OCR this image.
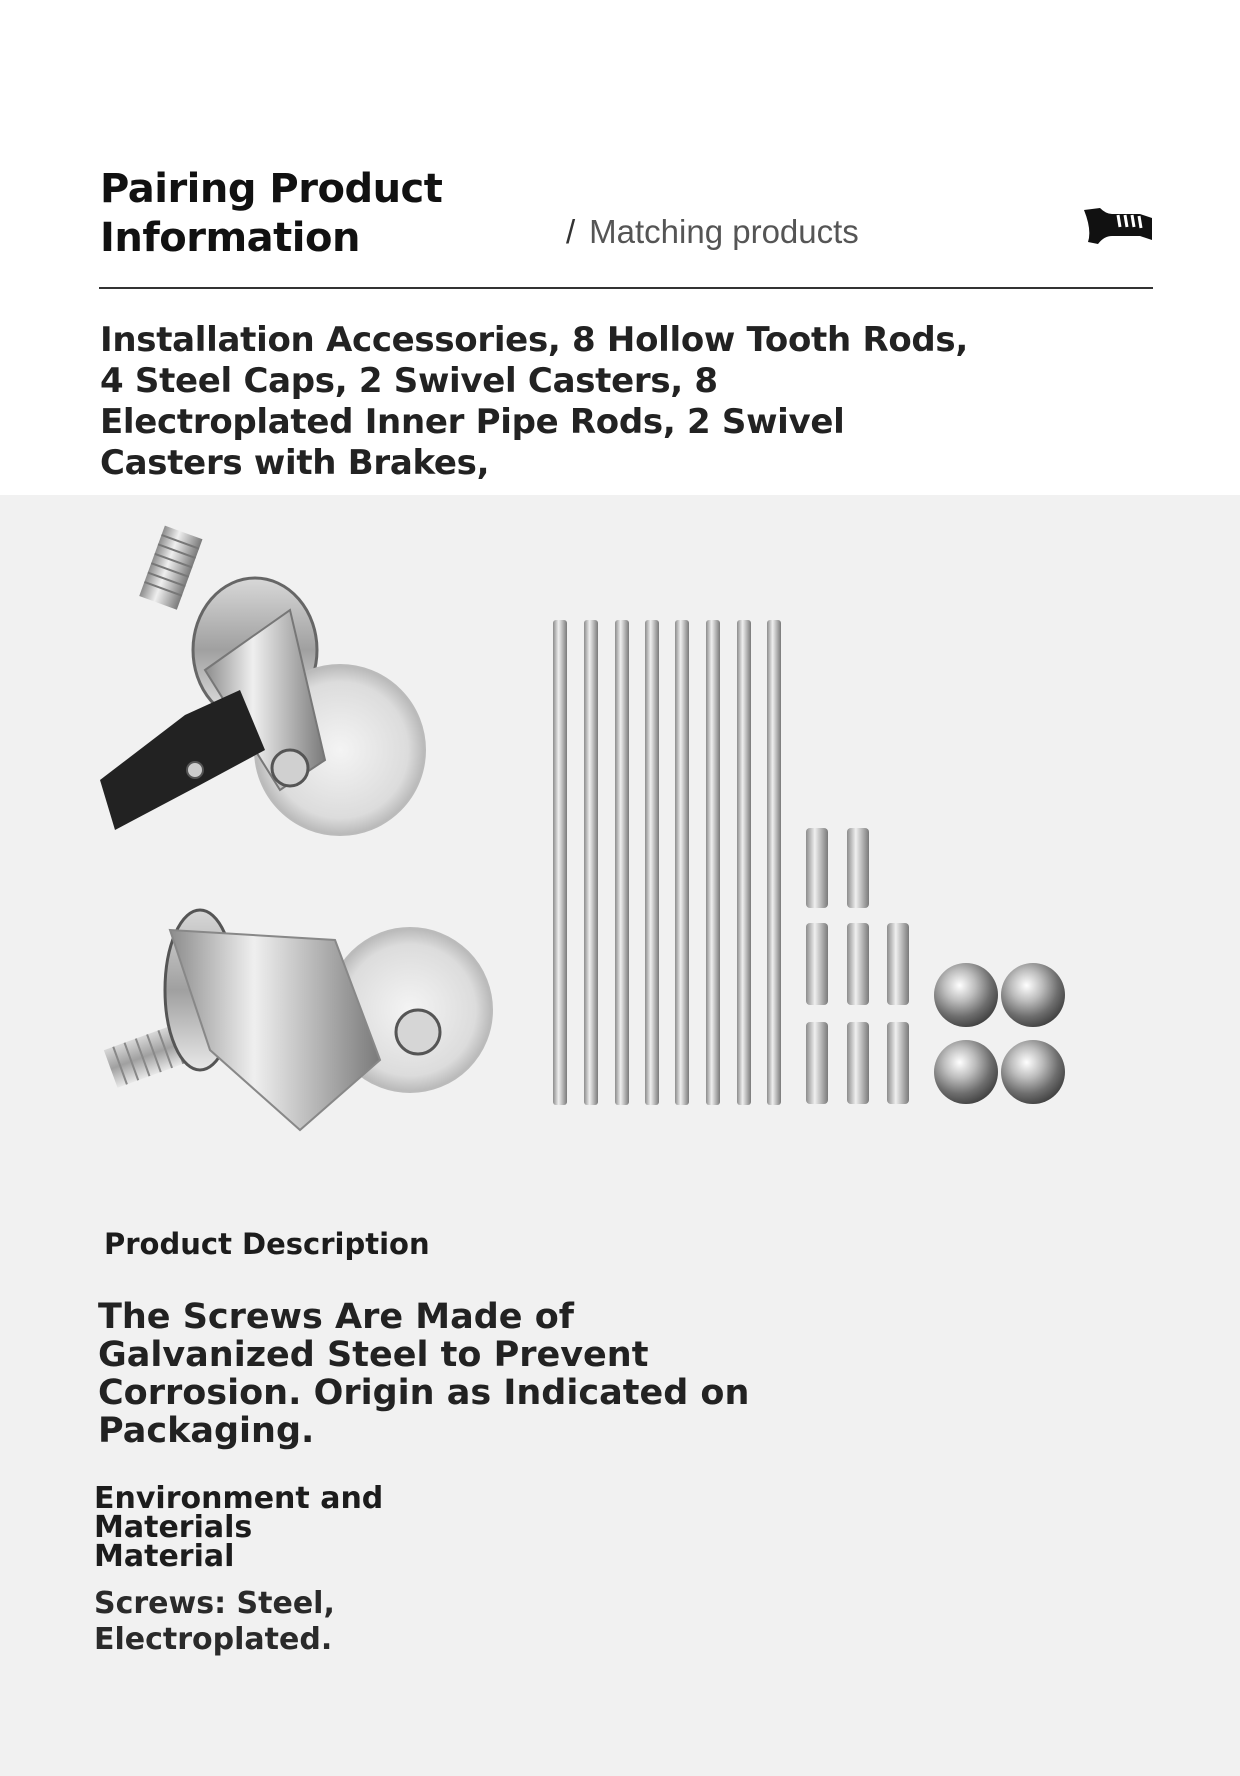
Pairing Product
Information	/ Matching products
Installation Accessories, 8 Hollow Tooth Rods, 4 Steel Caps, 2 Swivel Casters, 8 Electroplated Inner Pipe Rods, 2 Swivel Casters with Brakes,
Product Description
The Screws Are Made of Galvanized Steel to Prevent Corrosion. Origin as Indicated on Packaging.
Environment and Materials Material
Screws: Steel, Electroplated.
